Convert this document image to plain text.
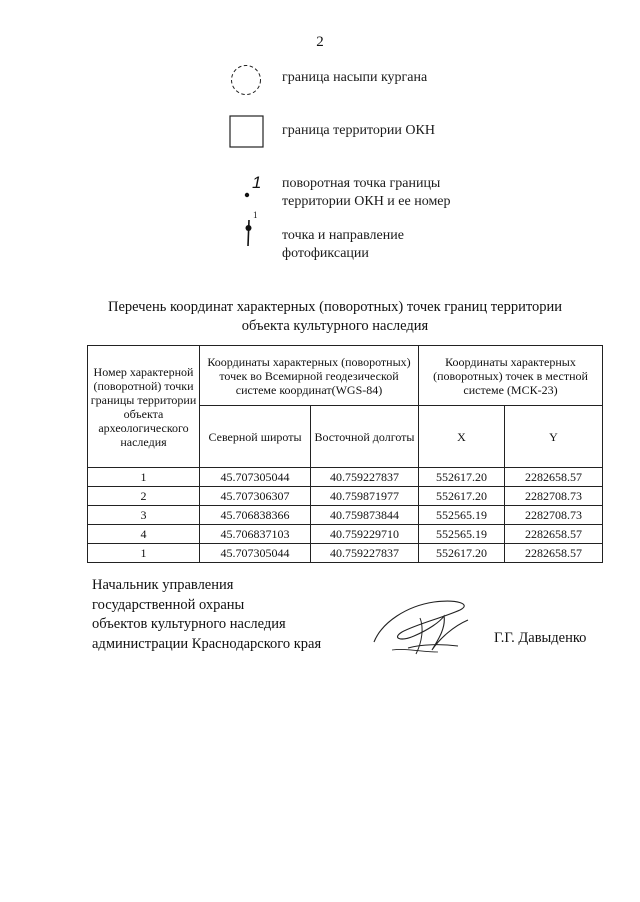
2
граница насыпи кургана
граница территории ОКН
1 поворотная точка границы
территории ОКН и ее номер
1
точка и направление
фотофиксации
Перечень координат характерных (поворотных) точек границ территории
объекта культурного наследия
Номер характерной (поворотной) точки границы территории объекта археологического наследия	Координаты характерных (поворотных) точек во Всемирной геодезической системе координат(WGS-84)		Координаты характерных (поворотных) точек в местной системе (МСК-23)	
	Северной широты	Восточной долготы	X	Y
1	45.707305044	40.759227837	552617.20	2282658.57
2	45.707306307	40.759871977	552617.20	2282708.73
3	45.706838366	40.759873844	552565.19	2282708.73
4	45.706837103	40.759229710	552565.19	2282658.57
1	45.707305044	40.759227837	552617.20	2282658.57
Начальник управления
государственной охраны
объектов культурного наследия
администрации Краснодарского края	Г.Г. Давыденко
